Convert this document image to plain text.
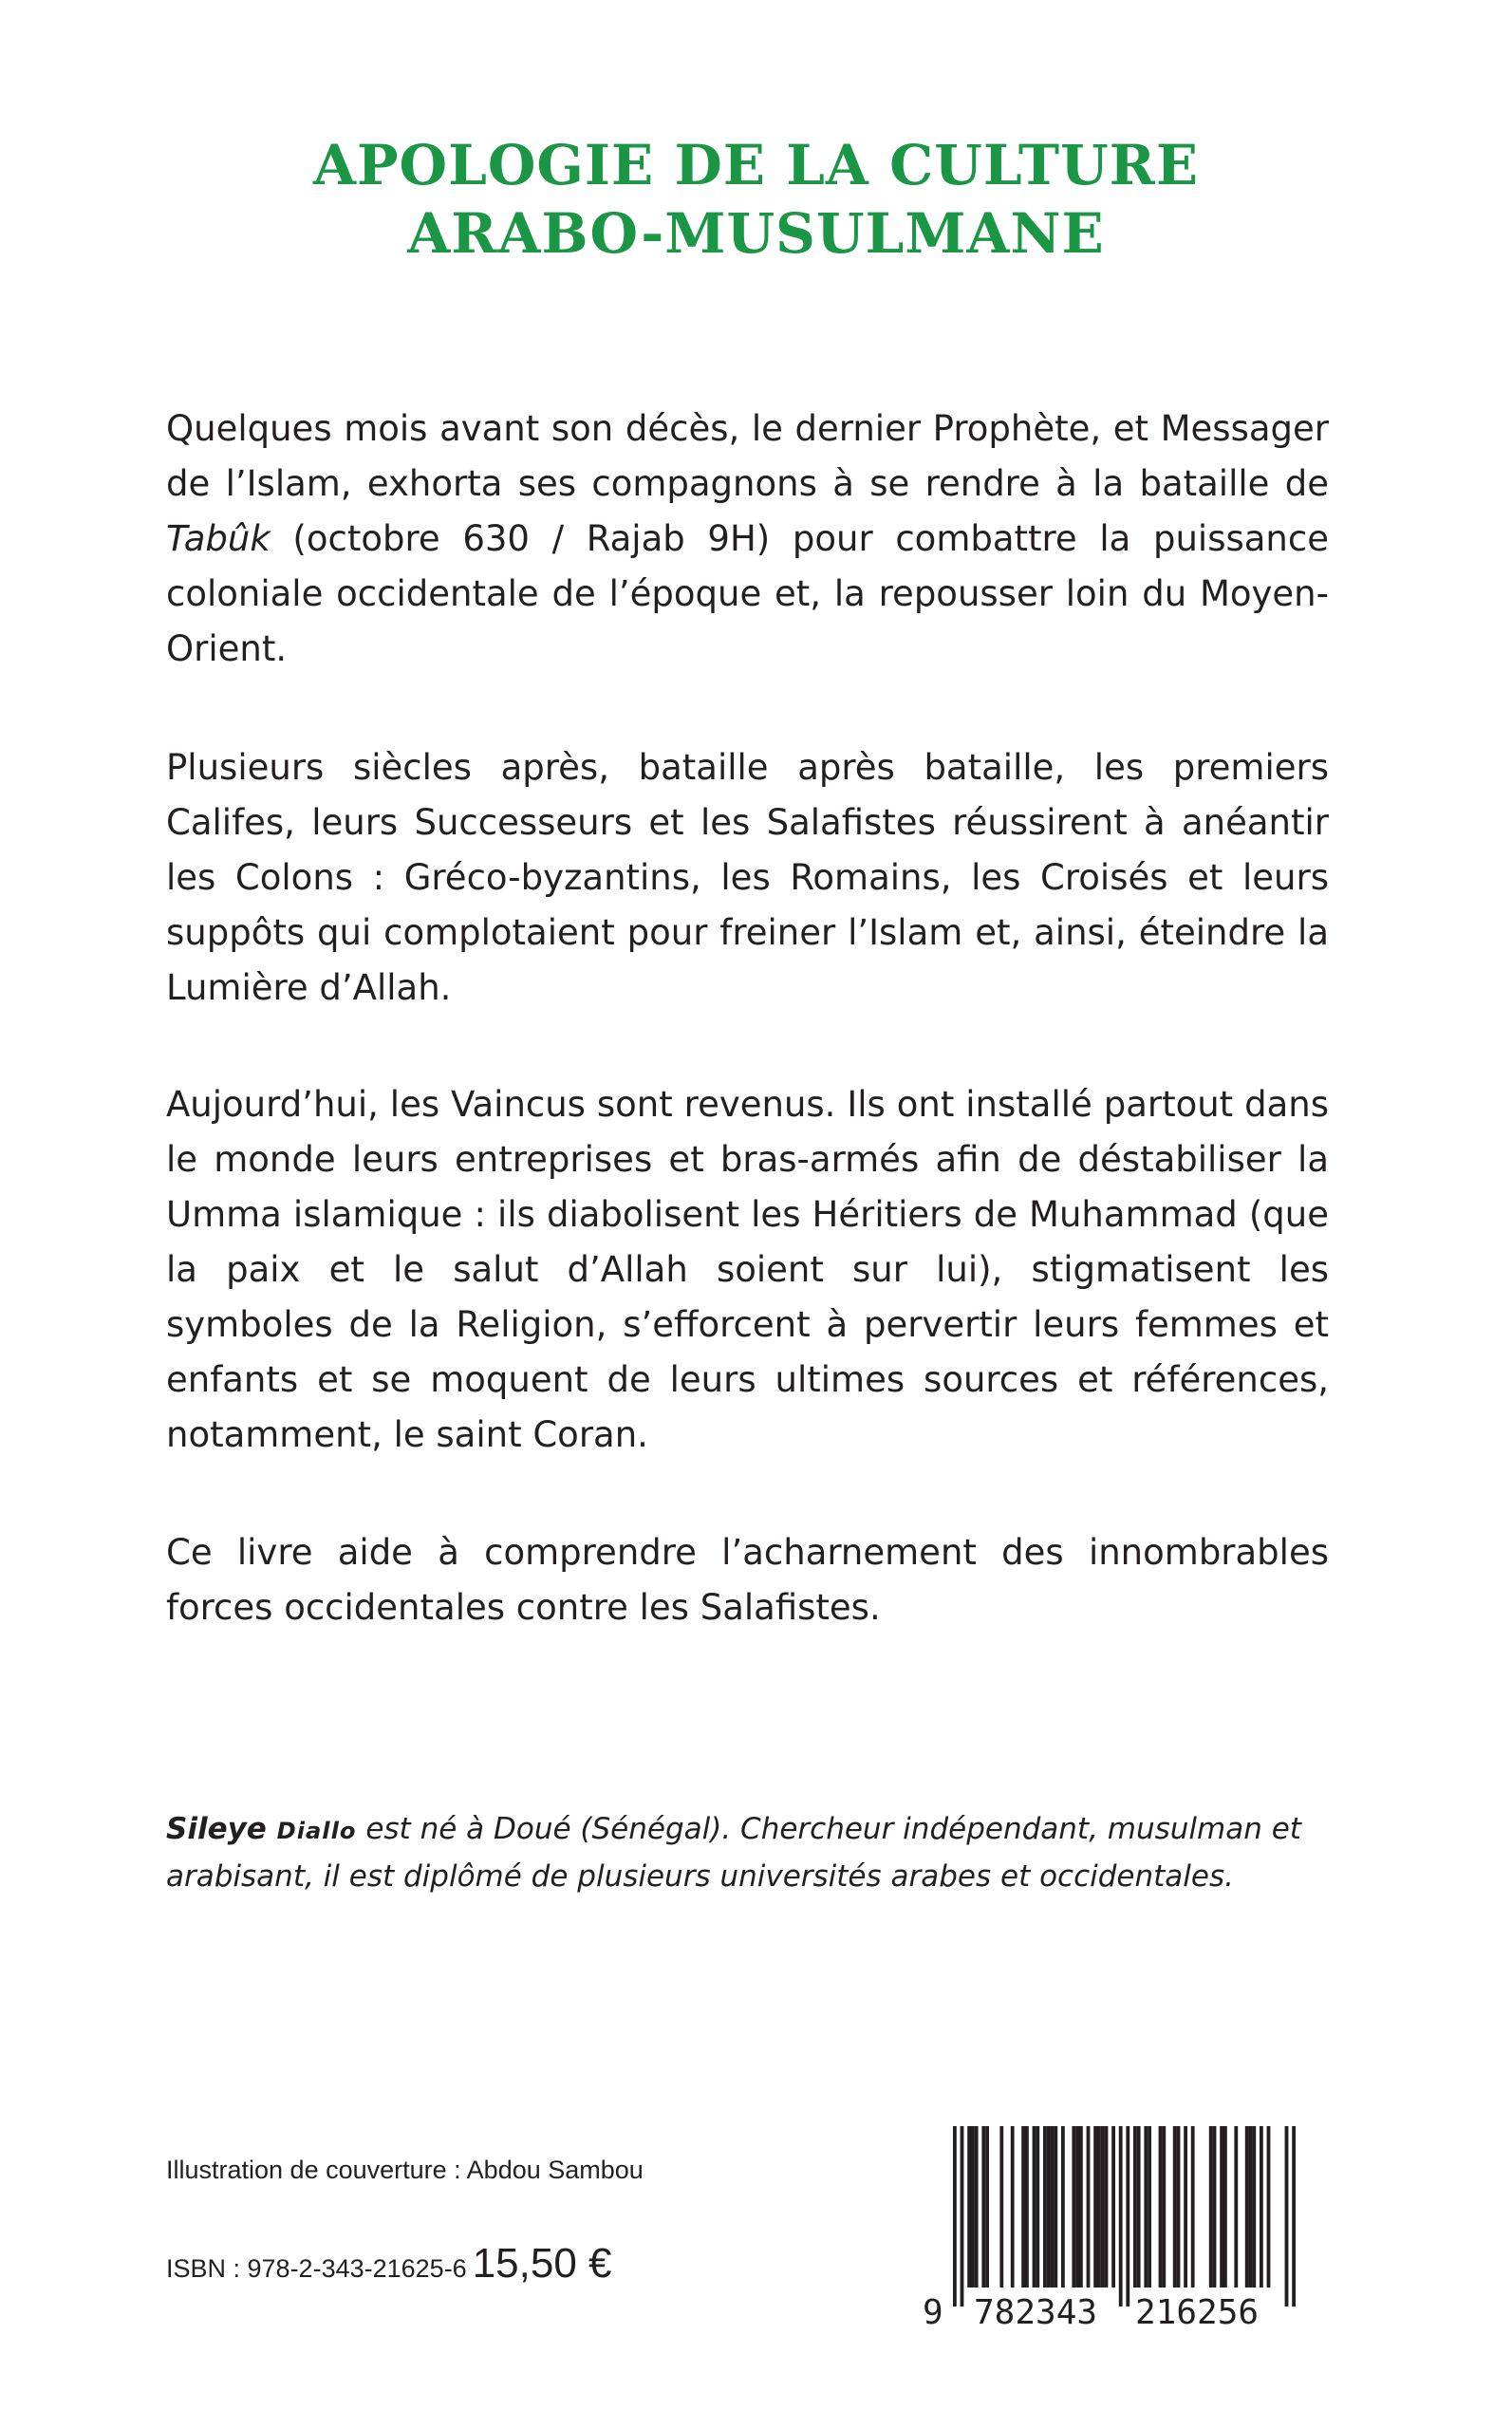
APOLOGIE DE LA CULTURE
ARABO-MUSULMANE

Quelques mois avant son décès, le dernier Prophète, et Messager de l’Islam, exhorta ses compagnons à se rendre à la bataille de Tabûk (octobre 630 / Rajab 9H) pour combattre la puissance coloniale occidentale de l’époque et, la repousser loin du Moyen-Orient.

Plusieurs siècles après, bataille après bataille, les premiers Califes, leurs Successeurs et les Salafistes réussirent à anéantir les Colons : Gréco-byzantins, les Romains, les Croisés et leurs suppôts qui complotaient pour freiner l’Islam et, ainsi, éteindre la Lumière d’Allah.

Aujourd’hui, les Vaincus sont revenus. Ils ont installé partout dans le monde leurs entreprises et bras-armés afin de déstabiliser la Umma islamique : ils diabolisent les Héritiers de Muhammad (que la paix et le salut d’Allah soient sur lui), stigmatisent les symboles de la Religion, s’efforcent à pervertir leurs femmes et enfants et se moquent de leurs ultimes sources et références, notamment, le saint Coran.

Ce livre aide à comprendre l’acharnement des innombrables forces occidentales contre les Salafistes.

Sileye Diallo est né à Doué (Sénégal). Chercheur indépendant, musulman et arabisant, il est diplômé de plusieurs universités arabes et occidentales.
Illustration de couverture : Abdou Sambou
ISBN : 978-2-343-21625-6 15,50 €
9 782343 216256
